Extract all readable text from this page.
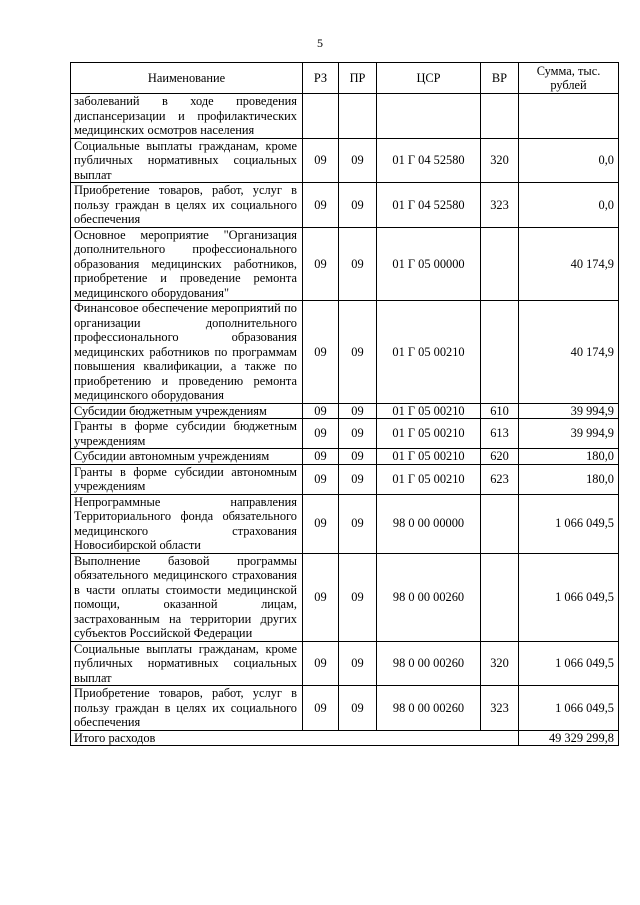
5
Наименование	РЗ	ПР	ЦСР	ВР	Сумма, тыс. рублей
заболеваний в ходе проведения диспансеризации и профилактических медицинских осмотров населения					
Социальные выплаты гражданам, кроме публичных нормативных социальных выплат	09	09	01 Г 04 52580	320	0,0
Приобретение товаров, работ, услуг в пользу граждан в целях их социального обеспечения	09	09	01 Г 04 52580	323	0,0
Основное мероприятие "Организация дополнительного профессионального образования медицинских работников, приобретение и проведение ремонта медицинского оборудования"	09	09	01 Г 05 00000		40 174,9
Финансовое обеспечение мероприятий по организации дополнительного профессионального образования медицинских работников по программам повышения квалификации, а также по приобретению и проведению ремонта медицинского оборудования	09	09	01 Г 05 00210		40 174,9
Субсидии бюджетным учреждениям	09	09	01 Г 05 00210	610	39 994,9
Гранты в форме субсидии бюджетным учреждениям	09	09	01 Г 05 00210	613	39 994,9
Субсидии автономным учреждениям	09	09	01 Г 05 00210	620	180,0
Гранты в форме субсидии автономным учреждениям	09	09	01 Г 05 00210	623	180,0
Непрограммные направления Территориального фонда обязательного медицинского страхования Новосибирской области	09	09	98 0 00 00000		1 066 049,5
Выполнение базовой программы обязательного медицинского страхования в части оплаты стоимости медицинской помощи, оказанной лицам, застрахованным на территории других субъектов Российской Федерации	09	09	98 0 00 00260		1 066 049,5
Социальные выплаты гражданам, кроме публичных нормативных социальных выплат	09	09	98 0 00 00260	320	1 066 049,5
Приобретение товаров, работ, услуг в пользу граждан в целях их социального обеспечения	09	09	98 0 00 00260	323	1 066 049,5
Итого расходов					49 329 299,8
